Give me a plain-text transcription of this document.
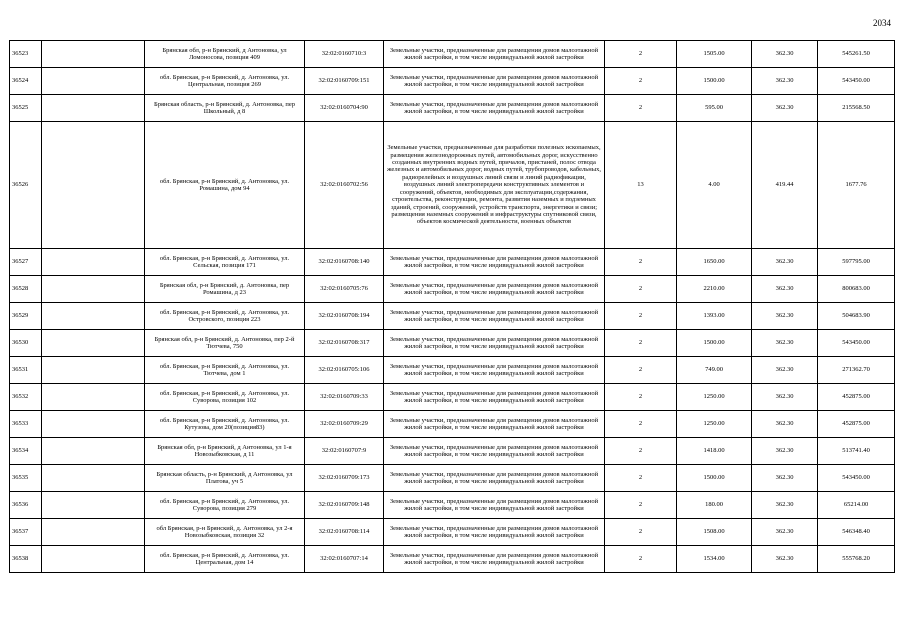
2034
36523		Брянская обл, р-н Брянский, д Антоновка, ул Ломоносова, позиция 409	32:02:0160710:3	Земельные участки, предназначенные для размещения домов малоэтажной жилой застройки, в том числе индивидуальной жилой застройки	2	1505.00	362.30	545261.50
36524		обл. Брянская, р-н Брянский, д. Антоновка, ул. Центральная, позиция 269	32:02:0160709:151	Земельные участки, предназначенные для размещения домов малоэтажной жилой застройки, в том числе индивидуальной жилой застройки	2	1500.00	362.30	543450.00
36525		Брянская область, р-н Брянский, д. Антоновка, пер Школьный, д 8	32:02:0160704:90	Земельные участки, предназначенные для размещения домов малоэтажной жилой застройки, в том числе индивидуальной жилой застройки	2	595.00	362.30	215568.50
36526		обл. Брянская, р-н Брянский, д. Антоновка, ул. Ромашина, дом 94	32:02:0160702:56	Земельные участки, предназначенные для разработки полезных ископаемых, размещения железнодорожных путей, автомобильных дорог, искусственно созданных внутренних водных путей, причалов, пристаней, полос отвода железных и автомобильных дорог, водных путей, трубопроводов, кабельных, радиорелейных и воздушных линий связи и линий радиофикации, воздушных линий электропередачи конструктивных элементов и сооружений, объектов, необходимых для эксплуатации,содержания, строительства, реконструкции, ремонта, развития наземных и подземных зданий, строений, сооружений, устройств транспорта, энергетики и связи; размещения наземных сооружений и инфраструктуры спутниковой связи, объектов космической деятельности, военных объектов	13	4.00	419.44	1677.76
36527		обл. Брянская, р-н Брянский, д. Антоновка, ул. Сельская, позиция 171	32:02:0160708:140	Земельные участки, предназначенные для размещения домов малоэтажной жилой застройки, в том числе индивидуальной жилой застройки	2	1650.00	362.30	597795.00
36528		Брянская обл, р-н Брянский, д. Антоновка, пер Ромашина, д 23	32:02:0160705:76	Земельные участки, предназначенные для размещения домов малоэтажной жилой застройки, в том числе индивидуальной жилой застройки	2	2210.00	362.30	800683.00
36529		обл. Брянская, р-н Брянский, д. Антоновка, ул. Островского, позиция 223	32:02:0160708:194	Земельные участки, предназначенные для размещения домов малоэтажной жилой застройки, в том числе индивидуальной жилой застройки	2	1393.00	362.30	504683.90
36530		Брянская обл, р-н Брянский, д. Антоновка, пер 2-й Тютчева, 750	32:02:0160708:317	Земельные участки, предназначенные для размещения домов малоэтажной жилой застройки, в том числе индивидуальной жилой застройки	2	1500.00	362.30	543450.00
36531		обл. Брянская, р-н Брянский, д. Антоновка, ул. Тютчева, дом 1	32:02:0160705:106	Земельные участки, предназначенные для размещения домов малоэтажной жилой застройки, в том числе индивидуальной жилой застройки	2	749.00	362.30	271362.70
36532		обл. Брянская, р-н Брянский, д. Антоновка, ул. Суворова, позиция 102	32:02:0160709:33	Земельные участки, предназначенные для размещения домов малоэтажной жилой застройки, в том числе индивидуальной жилой застройки	2	1250.00	362.30	452875.00
36533		обл. Брянская, р-н Брянский, д. Антоновка, ул. Кутузова, дом 20(позиция83)	32:02:0160709:29	Земельные участки, предназначенные для размещения домов малоэтажной жилой застройки, в том числе индивидуальной жилой застройки	2	1250.00	362.30	452875.00
36534		Брянская обл, р-н Брянский, д Антоновка, ул 1-я Новозыбковская, д 11	32:02:0160707:9	Земельные участки, предназначенные для размещения домов малоэтажной жилой застройки, в том числе индивидуальной жилой застройки	2	1418.00	362.30	513741.40
36535		Брянская область, р-н Брянский, д Антоновка, ул Платова, уч 5	32:02:0160709:173	Земельные участки, предназначенные для размещения домов малоэтажной жилой застройки, в том числе индивидуальной жилой застройки	2	1500.00	362.30	543450.00
36536		обл. Брянская, р-н Брянский, д. Антоновка, ул. Суворова, позиция 279	32:02:0160709:148	Земельные участки, предназначенные для размещения домов малоэтажной жилой застройки, в том числе индивидуальной жилой застройки	2	180.00	362.30	65214.00
36537		обл Брянская, р-н Брянский, д. Антоновка, ул 2-я Новозыбковская, позиция 32	32:02:0160708:114	Земельные участки, предназначенные для размещения домов малоэтажной жилой застройки, в том числе индивидуальной жилой застройки	2	1508.00	362.30	546348.40
36538		обл. Брянская, р-н Брянский, д. Антоновка, ул. Центральная, дом 14	32:02:0160707:14	Земельные участки, предназначенные для размещения домов малоэтажной жилой застройки, в том числе индивидуальной жилой застройки	2	1534.00	362.30	555768.20
